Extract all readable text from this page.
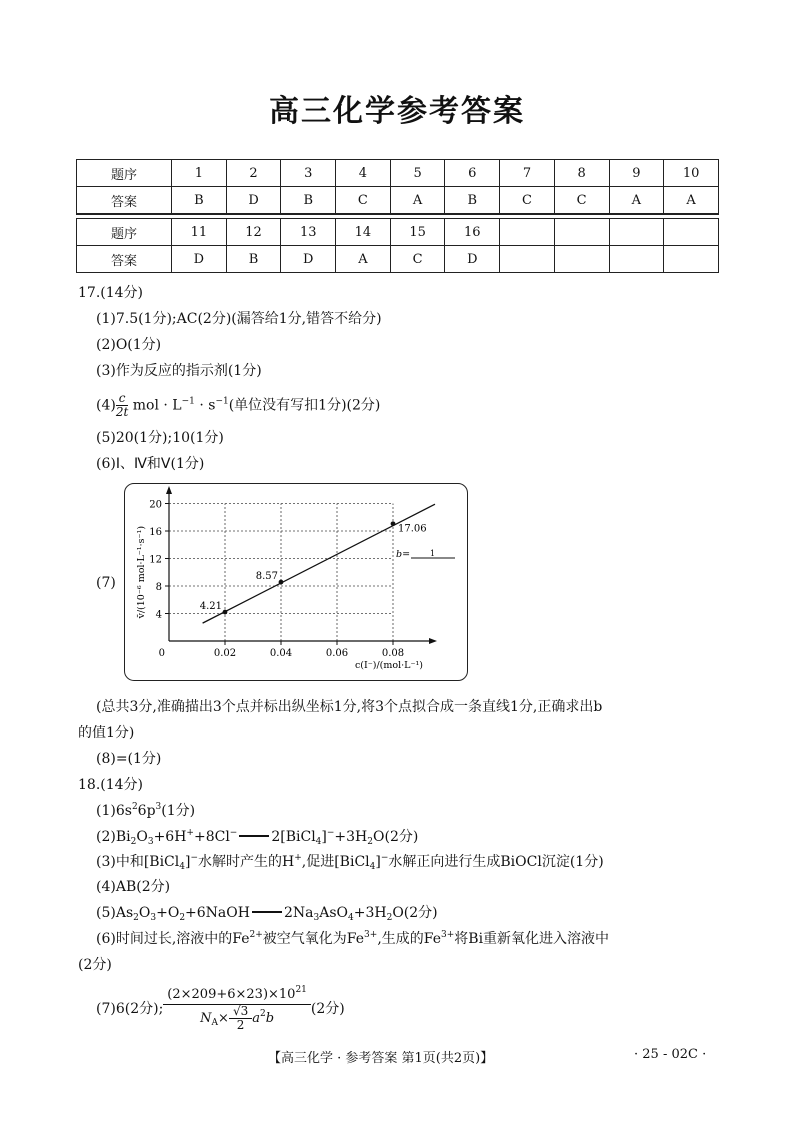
高三化学参考答案
题序	1	2	3	4	5	6	7	8	9	10
答案	B	D	B	C	A	B	C	C	A	A
题序	11	12	13	14	15	16				
答案	D	B	D	A	C	D				
17.(14分)
(1)7.5(1分);AC(2分)(漏答给1分,错答不给分)
(2)O(1分)
(3)作为反应的指示剂(1分)
$(4) \frac{c}{2t}$ mol · $L^{-1} \cdot s^{-1}$(单位没有写扣1分)(2分)
(5)20(1分);10(1分)
(6)Ⅰ、Ⅳ和Ⅴ(1分)
(7)
4
8
12
16
20
0.02	0.04	0.06	0.08
0
c(I⁻)/(mol·L⁻¹)
v̄/(10⁻⁶ mol·L⁻¹·s⁻¹)	4.21
8.57
17.06
b= 1
(总共3分,准确描出3个点并标出纵坐标1分,将3个点拟合成一条直线1分,正确求出b
的值1分)
(8)=(1分)
18.(14分)
$(1)6s^26p^3(1$分)
$(2)Bi_2O_3+6H^++8Cl^-$ $2[BiCl_4]^-+3H_2O(2$分)
(3)中和[BiCl$_4$]−水解时产生的H+,促进[BiCl$_4$]−水解正向进行生成BiOCl沉淀(1分)
(4)AB(2分)
$(5)As_2O_3+O_2+6NaOH$ $2Na_3AsO_4+3H_2O(2$分)
(6)时间过长,溶液中的$Fe^{2+}$被空气氧化为$Fe^{3+}$,生成的$Fe^{3+}$将Bi重新氧化进入溶液中
(2分)
(7)6(2分); $\frac{(2\times 209+6\times 23)\times 10^{21}}{N_A\times \frac{√3}{2} a^2b} (2$分)
【高三化学 · 参考答案 第1页(共2页)】	· 25 - 02C ·
